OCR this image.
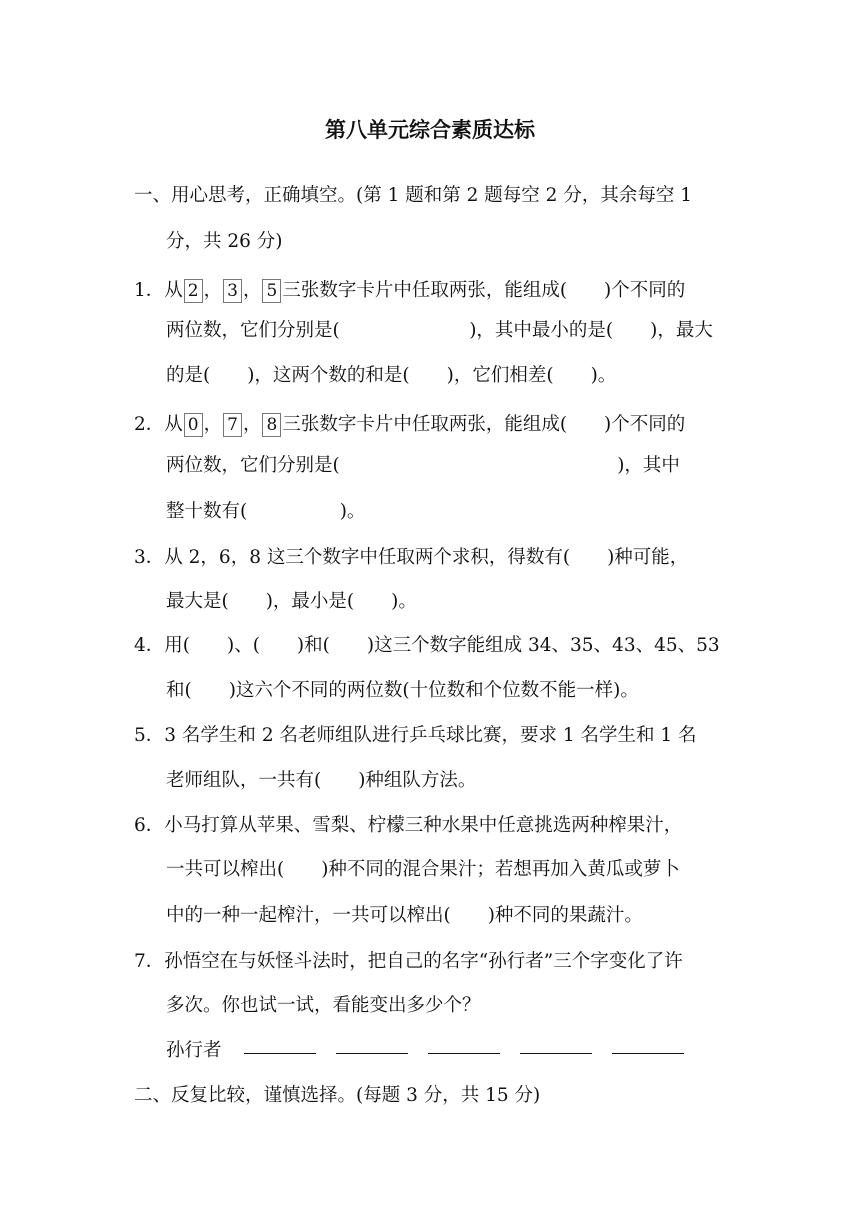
第八单元综合素质达标
一、用心思考，正确填空。(第 1 题和第 2 题每空 2 分，其余每空 1
分，共 26 分)
1．从 2 ， 3 ， 5 三张数字卡片中任取两张，能组成(　　)个不同的
两位数，它们分别是(　　　　　　　)，其中最小的是(　　)，最大
的是(　　)，这两个数的和是(　　)，它们相差(　　)。
2．从 0 ， 7 ， 8 三张数字卡片中任取两张，能组成(　　)个不同的
两位数，它们分别是(　　　　　　　　　　　　　　　)，其中
整十数有(　　　　　)。
3．从 2，6，8 这三个数字中任取两个求积，得数有(　　)种可能，
最大是(　　)，最小是(　　)。
4．用(　　)、(　　)和(　　)这三个数字能组成 34、35、43、45、53
和(　　)这六个不同的两位数(十位数和个位数不能一样)。
5．3 名学生和 2 名老师组队进行乒乓球比赛，要求 1 名学生和 1 名
老师组队，一共有(　　)种组队方法。
6．小马打算从苹果、雪梨、柠檬三种水果中任意挑选两种榨果汁，
一共可以榨出(　　)种不同的混合果汁；若想再加入黄瓜或萝卜
中的一种一起榨汁，一共可以榨出(　　)种不同的果蔬汁。
7．孙悟空在与妖怪斗法时，把自己的名字“孙行者”三个字变化了许
多次。你也试一试，看能变出多少个？
孙行者
二、反复比较，谨慎选择。(每题 3 分，共 15 分)
